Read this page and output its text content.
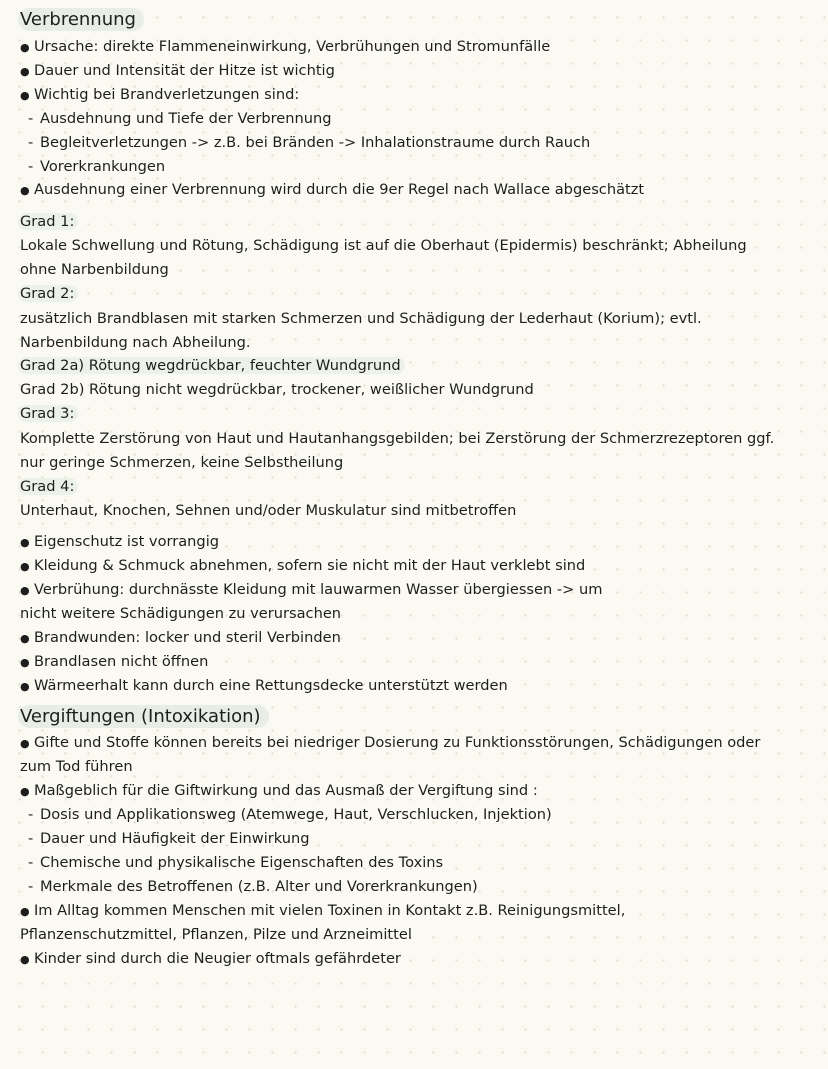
Verbrennung
● Ursache: direkte Flammeneinwirkung, Verbrühungen und Stromunfälle
● Dauer und Intensität der Hitze ist wichtig
● Wichtig bei Brandverletzungen sind:
- Ausdehnung und Tiefe der Verbrennung
- Begleitverletzungen -> z.B. bei Bränden -> Inhalationstraume durch Rauch
- Vorerkrankungen
● Ausdehnung einer Verbrennung wird durch die 9er Regel nach Wallace abgeschätzt
Grad 1:
Lokale Schwellung und Rötung, Schädigung ist auf die Oberhaut (Epidermis) beschränkt; Abheilung
ohne Narbenbildung
Grad 2:
zusätzlich Brandblasen mit starken Schmerzen und Schädigung der Lederhaut (Korium); evtl.
Narbenbildung nach Abheilung.
Grad 2a) Rötung wegdrückbar, feuchter Wundgrund
Grad 2b) Rötung nicht wegdrückbar, trockener, weißlicher Wundgrund
Grad 3:
Komplette Zerstörung von Haut und Hautanhangsgebilden; bei Zerstörung der Schmerzrezeptoren ggf.
nur geringe Schmerzen, keine Selbstheilung
Grad 4:
Unterhaut, Knochen, Sehnen und/oder Muskulatur sind mitbetroffen
● Eigenschutz ist vorrangig
● Kleidung & Schmuck abnehmen, sofern sie nicht mit der Haut verklebt sind
● Verbrühung: durchnässte Kleidung mit lauwarmen Wasser übergiessen -> um
nicht weitere Schädigungen zu verursachen
● Brandwunden: locker und steril Verbinden
● Brandlasen nicht öffnen
● Wärmeerhalt kann durch eine Rettungsdecke unterstützt werden
Vergiftungen (Intoxikation)
● Gifte und Stoffe können bereits bei niedriger Dosierung zu Funktionsstörungen, Schädigungen oder
zum Tod führen
● Maßgeblich für die Giftwirkung und das Ausmaß der Vergiftung sind :
- Dosis und Applikationsweg (Atemwege, Haut, Verschlucken, Injektion)
- Dauer und Häufigkeit der Einwirkung
- Chemische und physikalische Eigenschaften des Toxins
- Merkmale des Betroffenen (z.B. Alter und Vorerkrankungen)
● Im Alltag kommen Menschen mit vielen Toxinen in Kontakt z.B. Reinigungsmittel,
Pflanzenschutzmittel, Pflanzen, Pilze und Arzneimittel
● Kinder sind durch die Neugier oftmals gefährdeter
